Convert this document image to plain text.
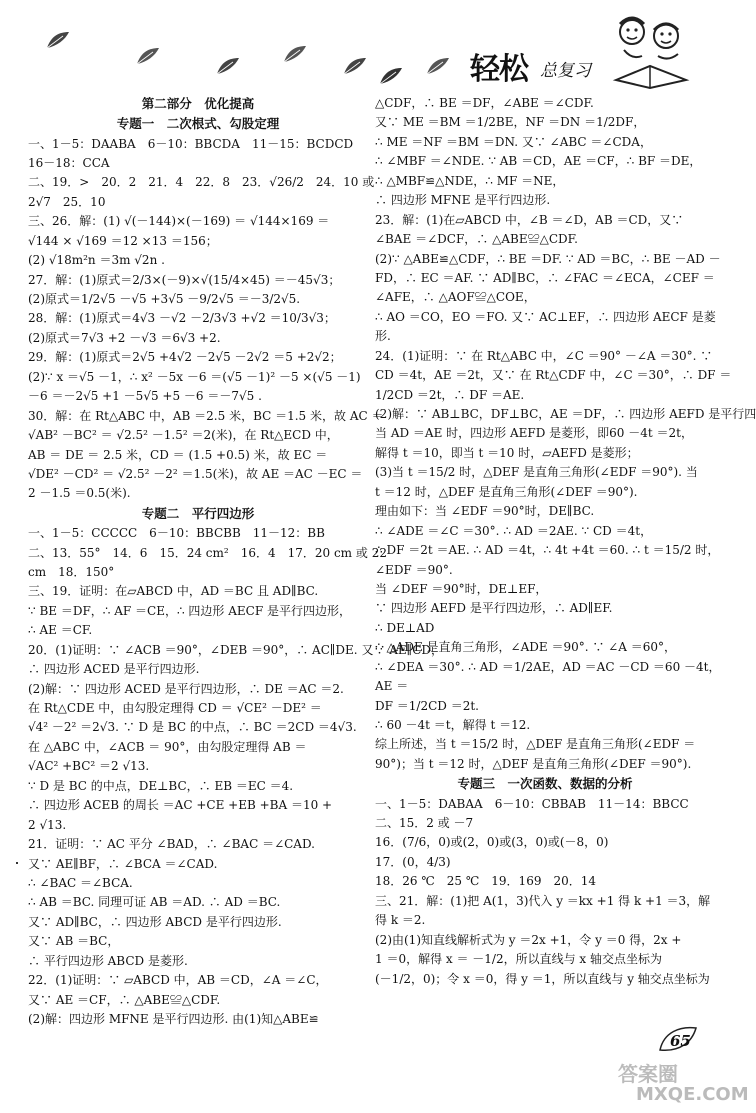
轻松 总复习
第二部分　优化提高
专题一　二次根式、勾股定理
一、1－5：DAABA　6－10：BBCDA　11－15：BCDCD
16－18：CCA
二、19．>　20．2　21．4　22．8　23．√26/2　24．10 或
2√7　25．10
三、26．解：(1) √(－144)×(－169) ＝ √144×169 ＝
√144 × √169 ＝12 ×13 ＝156；
(2) √18m²n ＝3m √2n .
27．解：(1)原式＝2/3×(－9)×√(15/4×45) ＝－45√3；
(2)原式＝1/2√5 －√5 +3√5 －9/2√5 ＝－3/2√5.
28．解：(1)原式＝4√3 －√2 －2/3√3 +√2 ＝10/3√3；
(2)原式＝7√3 +2 －√3 ＝6√3 +2.
29．解：(1)原式＝2√5 +4√2 －2√5 －2√2 ＝5 +2√2；
(2)∵ x ＝√5 －1，∴ x² －5x －6 ＝(√5 －1)² －5 ×(√5 －1)
－6 ＝－2√5 +1 －5√5 +5 －6 ＝－7√5 .
30．解：在 Rt△ABC 中，AB ＝2.5 米，BC ＝1.5 米，故 AC ＝
√AB² －BC² ＝ √2.5² －1.5² ＝2(米)，在 Rt△ECD 中，
AB ＝ DE ＝ 2.5 米，CD ＝ (1.5 +0.5) 米，故 EC ＝
√DE² －CD² ＝ √2.5² －2² ＝1.5(米)，故 AE ＝AC －EC ＝
2 －1.5 ＝0.5(米).
专题二　平行四边形
一、1－5：CCCCC　6－10：BBCBB　11－12：BB
二、13．55°　14．6　15．24 cm²　16．4　17．20 cm 或 22
cm　18．150°
三、19．证明：在▱ABCD 中，AD ＝BC 且 AD∥BC.
∵ BE ＝DF，∴ AF ＝CE，∴ 四边形 AECF 是平行四边形，
∴ AE ＝CF.
20．(1)证明：∵ ∠ACB ＝90°，∠DEB ＝90°，∴ AC∥DE. 又∵ AE∥CD，
∴ 四边形 ACED 是平行四边形.
(2)解：∵ 四边形 ACED 是平行四边形，∴ DE ＝AC ＝2.
在 Rt△CDE 中，由勾股定理得 CD ＝ √CE² －DE² ＝
√4² －2² ＝2√3. ∵ D 是 BC 的中点，∴ BC ＝2CD ＝4√3.
在 △ABC 中，∠ACB ＝ 90°，由勾股定理得 AB ＝
√AC² +BC² ＝2 √13.
∵ D 是 BC 的中点，DE⊥BC，∴ EB ＝EC ＝4.
∴ 四边形 ACEB 的周长 ＝AC +CE +EB +BA ＝10 +
2 √13.
21．证明：∵ AC 平分 ∠BAD，∴ ∠BAC ＝∠CAD.
又∵ AE∥BF，∴ ∠BCA ＝∠CAD.
∴ ∠BAC ＝∠BCA.
∴ AB ＝BC. 同理可证 AB ＝AD. ∴ AD ＝BC.
又∵ AD∥BC，∴ 四边形 ABCD 是平行四边形.
又∵ AB ＝BC，
∴ 平行四边形 ABCD 是菱形.
22．(1)证明：∵ ▱ABCD 中，AB ＝CD，∠A ＝∠C，
又∵ AE ＝CF，∴ △ABE≌△CDF.
(2)解：四边形 MFNE 是平行四边形. 由(1)知△ABE≌
△CDF，∴ BE ＝DF，∠ABE ＝∠CDF.
又∵ ME ＝BM ＝1/2BE，NF ＝DN ＝1/2DF，
∴ ME ＝NF ＝BM ＝DN. 又∵ ∠ABC ＝∠CDA，
∴ ∠MBF ＝∠NDE. ∵ AB ＝CD，AE ＝CF，∴ BF ＝DE，
∴ △MBF≌△NDE，∴ MF ＝NE，
∴ 四边形 MFNE 是平行四边形.
23．解：(1)在▱ABCD 中，∠B ＝∠D，AB ＝CD，又∵
∠BAE ＝∠DCF，∴ △ABE≌△CDF.
(2)∵ △ABE≌△CDF，∴ BE ＝DF. ∵ AD ＝BC，∴ BE －AD －
FD，∴ EC ＝AF. ∵ AD∥BC，∴ ∠FAC ＝∠ECA，∠CEF ＝
∠AFE，∴ △AOF≌△COE，
∴ AO ＝CO，EO ＝FO. 又∵ AC⊥EF，∴ 四边形 AECF 是菱
形.
24．(1)证明：∵ 在 Rt△ABC 中，∠C ＝90° －∠A ＝30°. ∵
CD ＝4t，AE ＝2t，又∵ 在 Rt△CDF 中，∠C ＝30°，∴ DF ＝
1/2CD ＝2t，∴ DF ＝AE.
(2)解：∵ AB⊥BC，DF⊥BC，AE ＝DF，∴ 四边形 AEFD 是平行四
当 AD ＝AE 时，四边形 AEFD 是菱形，即60 －4t ＝2t，
解得 t ＝10，即当 t ＝10 时，▱AEFD 是菱形；
(3)当 t ＝15/2 时，△DEF 是直角三角形(∠EDF ＝90°). 当
t ＝12 时，△DEF 是直角三角形(∠DEF ＝90°).
理由如下：当 ∠EDF ＝90°时，DE∥BC.
∴ ∠ADE ＝∠C ＝30°. ∴ AD ＝2AE. ∵ CD ＝4t，
∴ DF ＝2t ＝AE. ∴ AD ＝4t，∴ 4t +4t ＝60. ∴ t ＝15/2 时，
∠EDF ＝90°.
当 ∠DEF ＝90°时，DE⊥EF，
∵ 四边形 AEFD 是平行四边形，∴ AD∥EF.
∴ DE⊥AD
∴ △ADE 是直角三角形，∠ADE ＝90°. ∵ ∠A ＝60°，
∴ ∠DEA ＝30°. ∴ AD ＝1/2AE，AD ＝AC －CD ＝60 －4t，
AE ＝
DF ＝1/2CD ＝2t.
∴ 60 －4t ＝t，解得 t ＝12.
综上所述，当 t ＝15/2 时，△DEF 是直角三角形(∠EDF ＝
90°)；当 t ＝12 时，△DEF 是直角三角形(∠DEF ＝90°).
专题三　一次函数、数据的分析
一、1－5：DABAA　6－10：CBBAB　11－14：BBCC
二、15．2 或 －7
16．(7/6，0)或(2，0)或(3，0)或(－8，0)
17．(0，4/3)
18．26 ℃　25 ℃　19．169　20．14
三、21．解：(1)把 A(1，3)代入 y ＝kx +1 得 k +1 ＝3，解
得 k ＝2.
(2)由(1)知直线解析式为 y ＝2x +1，令 y ＝0 得，2x +
1 ＝0，解得 x ＝ －1/2，所以直线与 x 轴交点坐标为
(－1/2，0)；令 x ＝0，得 y ＝1，所以直线与 y 轴交点坐标为
65
答案圈
MXQE.COM
